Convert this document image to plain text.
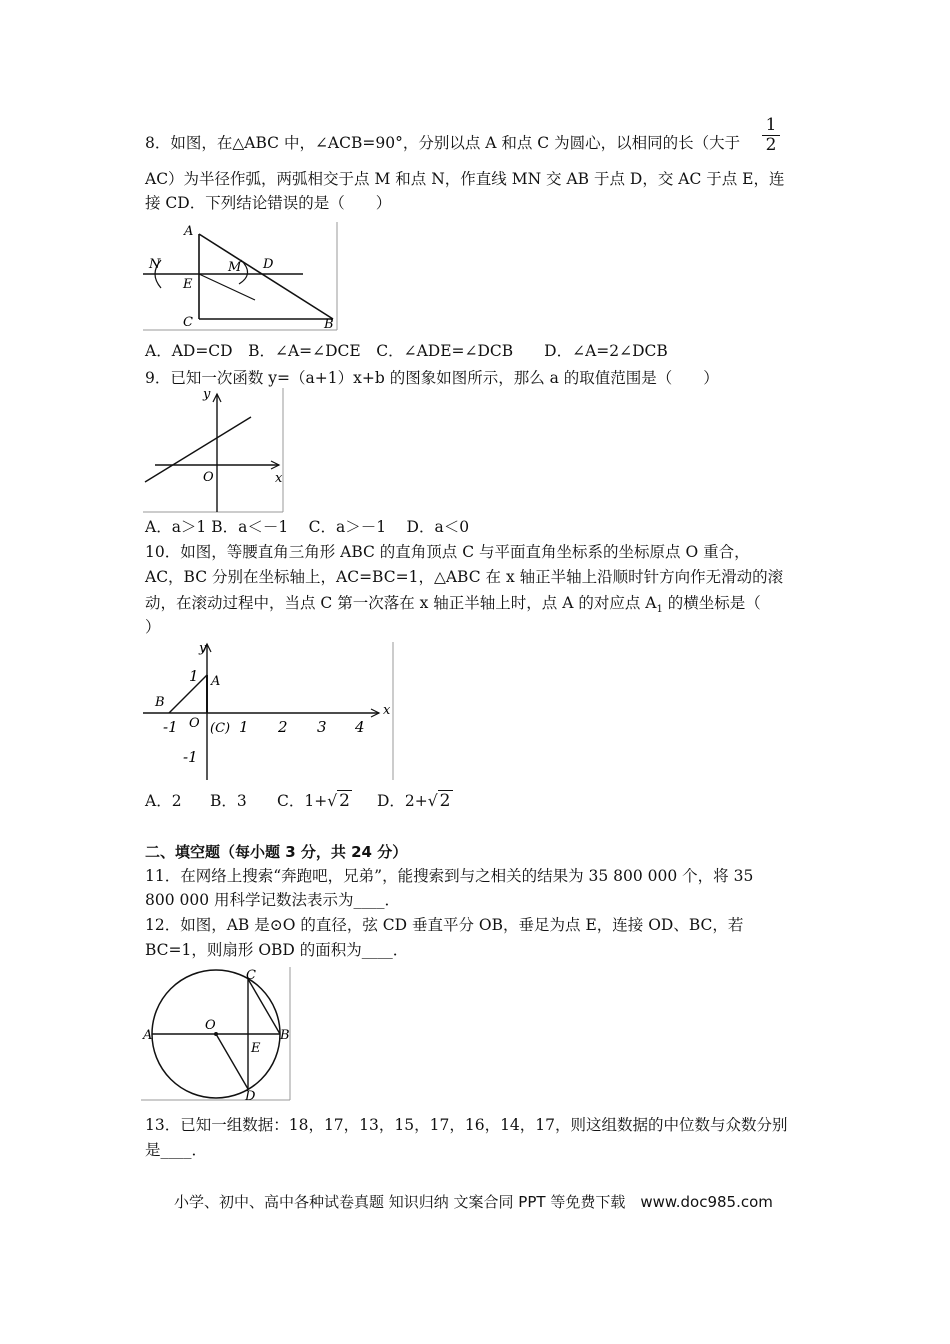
8．如图，在△ABC 中，∠ACB=90°，分别以点 A 和点 C 为圆心，以相同的长（大于 $\frac{1}{2}$
AC）为半径作弧，两弧相交于点 M 和点 N，作直线 MN 交 AB 于点 D，交 AC 于点 E，连
接 CD．下列结论错误的是（　　）
A
N	M D
E
C	B
A．AD=CD　B．∠A=∠DCE　C．∠ADE=∠DCB　　D．∠A=2∠DCB
9．已知一次函数 y=（a+1）x+b 的图象如图所示，那么 a 的取值范围是（　　）
y
x
O
A．a＞1 B．a＜－1　 C．a＞－1　 D．a＜0
10．如图，等腰直角三角形 ABC 的直角顶点 C 与平面直角坐标系的坐标原点 O 重合，
AC，BC 分别在坐标轴上，AC=BC=1，△ABC 在 x 轴正半轴上沿顺时针方向作无滑动的滚
动，在滚动过程中，当点 C 第一次落在 x 轴正半轴上时，点 A 的对应点 $A_1$ 的横坐标是（
）
y
x
1 A
B
-1 O (C) 1 2 3 4
-1
A．2 B．3 C．1+√ 2 D．2+√ 2
二、填空题（每小题 3 分，共 24 分）
11．在网络上搜索“奔跑吧，兄弟”，能搜索到与之相关的结果为 35 800 000 个，将 35
800 000 用科学记数法表示为____．
12．如图，AB 是⊙O 的直径，弦 CD 垂直平分 OB，垂足为点 E，连接 OD、BC，若
BC=1，则扇形 OBD 的面积为____．
C
A
O
B
E
D
13．已知一组数据：18，17，13，15，17，16，14，17，则这组数据的中位数与众数分别
是____．
小学、初中、高中各种试卷真题 知识归纳 文案合同 PPT 等免费下载　www.doc985.com
